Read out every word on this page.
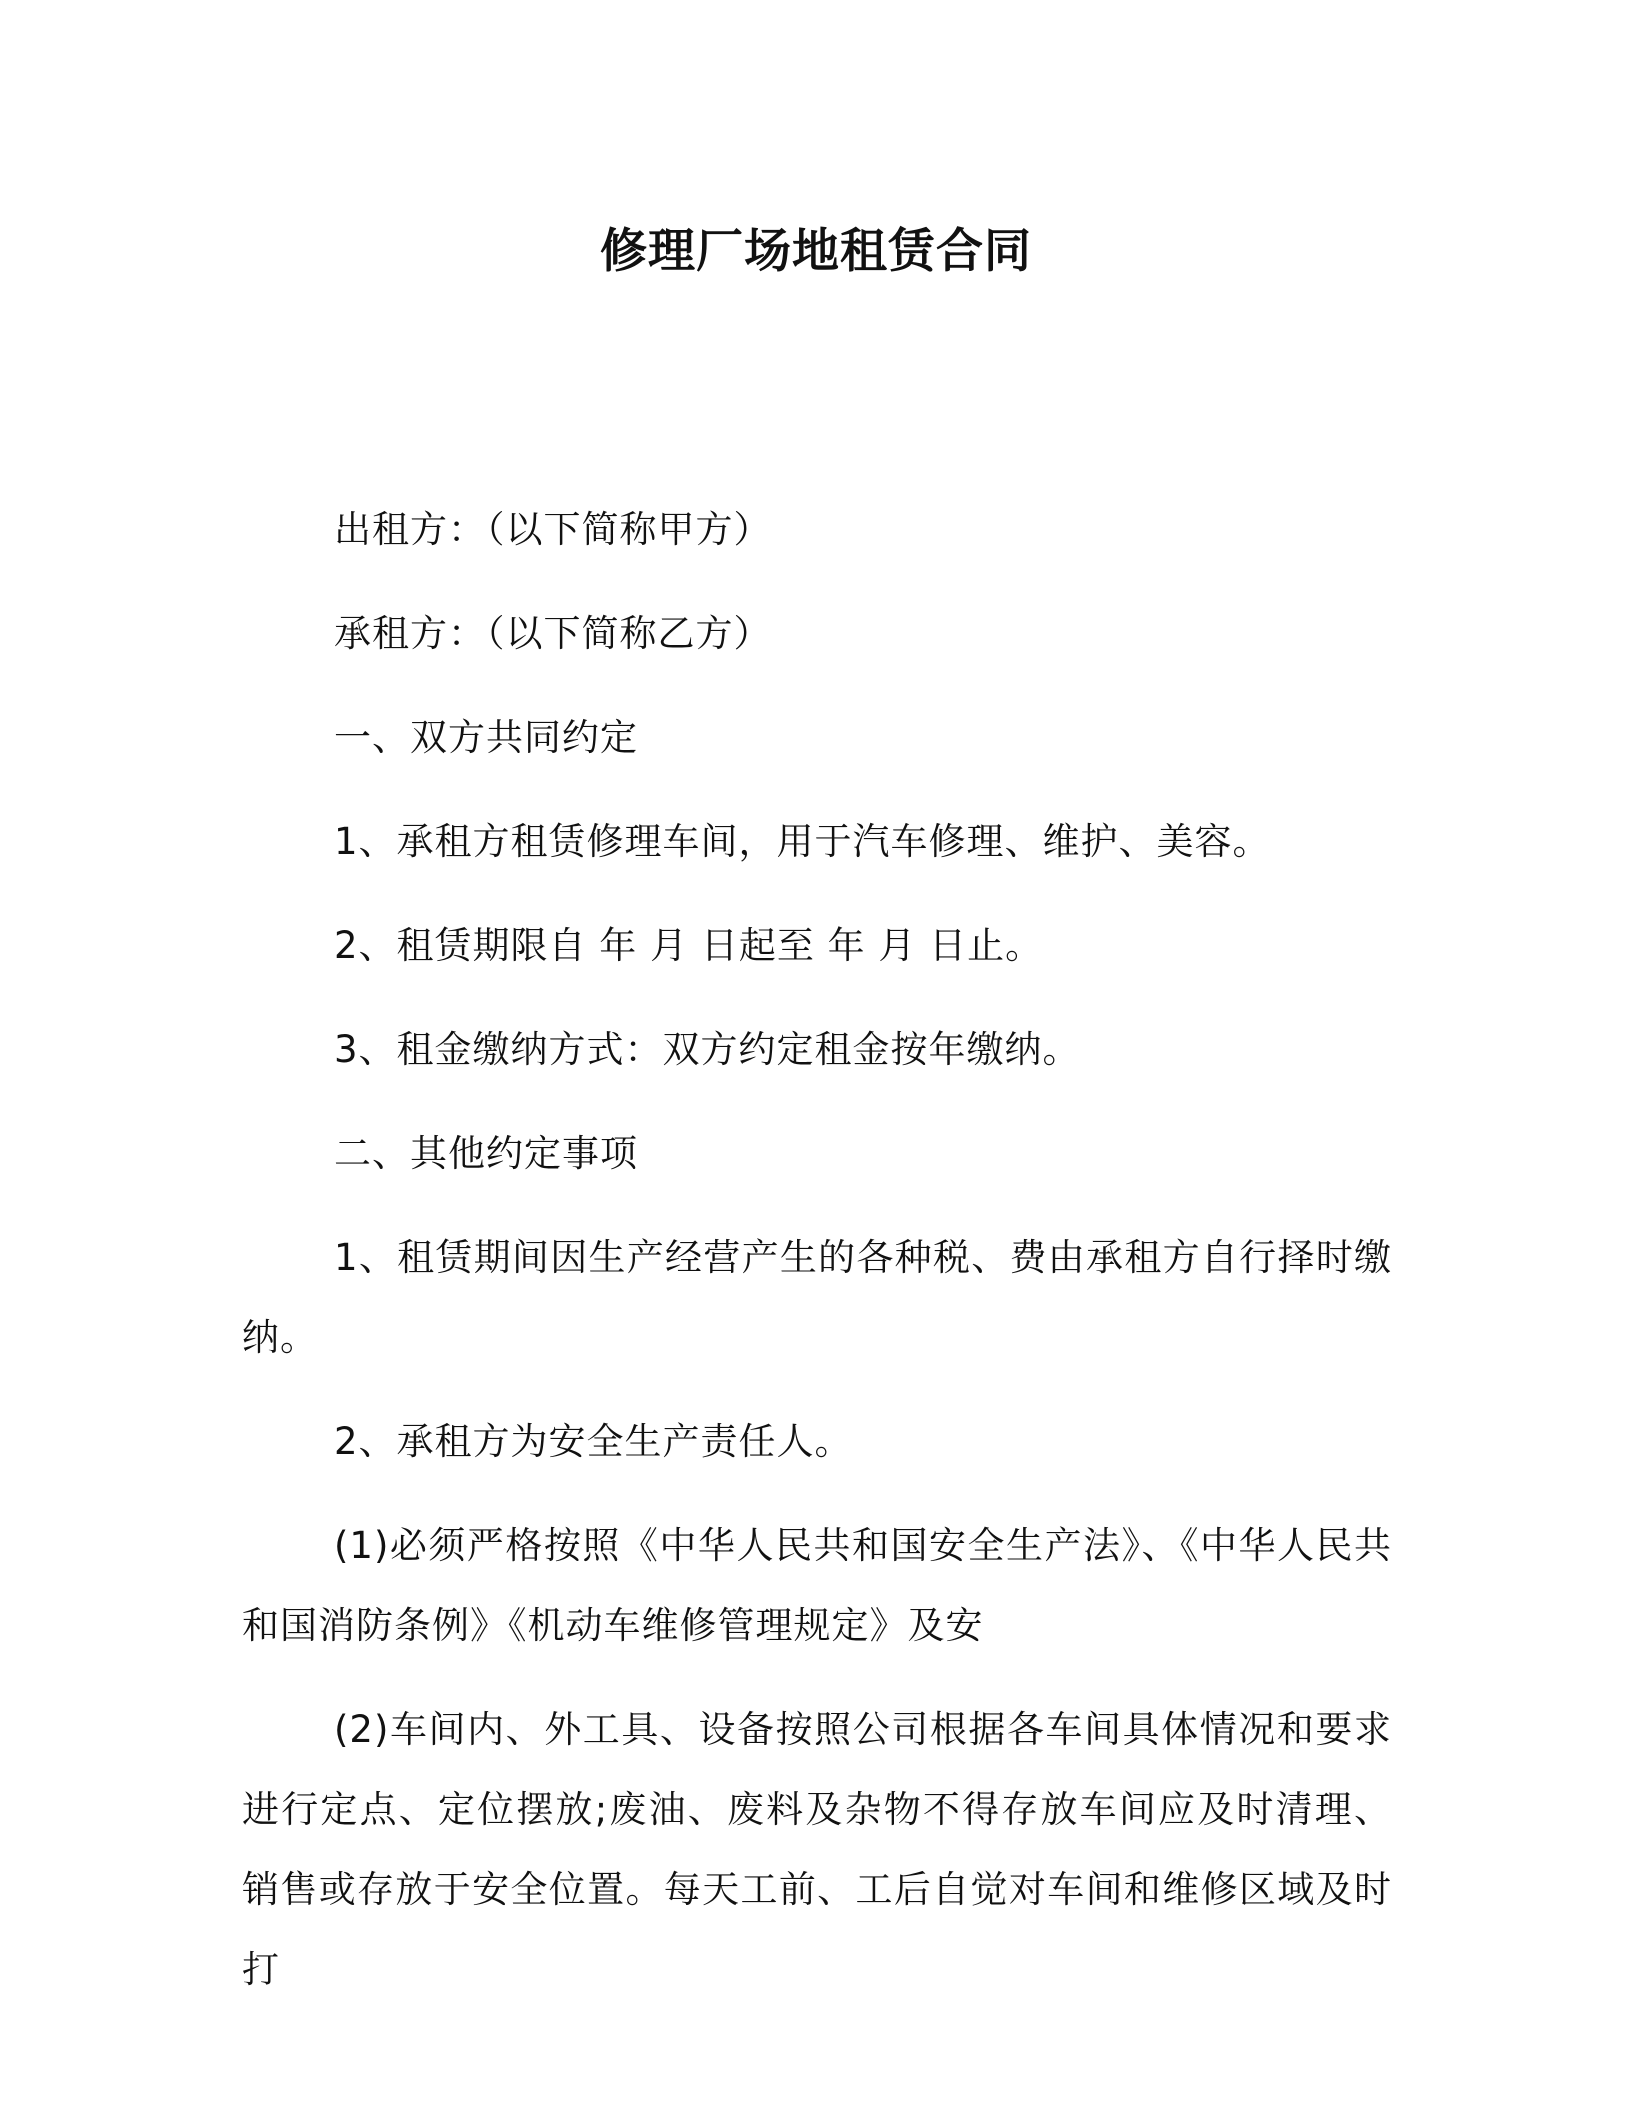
修理厂场地租赁合同

出租方：（以下简称甲方）

承租方：（以下简称乙方）

一、双方共同约定

1、承租方租赁修理车间，用于汽车修理、维护、美容。

2、租赁期限自 年 月 日起至 年 月 日止。

3、租金缴纳方式：双方约定租金按年缴纳。

二、其他约定事项

1、租赁期间因生产经营产生的各种税、费由承租方自行择时缴纳。

2、承租方为安全生产责任人。

(1)必须严格按照《中华人民共和国安全生产法》、《中华人民共和国消防条例》《机动车维修管理规定》及安

(2)车间内、外工具、设备按照公司根据各车间具体情况和要求进行定点、定位摆放;废油、废料及杂物不得存放车间应及时清理、销售或存放于安全位置。每天工前、工后自觉对车间和维修区域及时打
